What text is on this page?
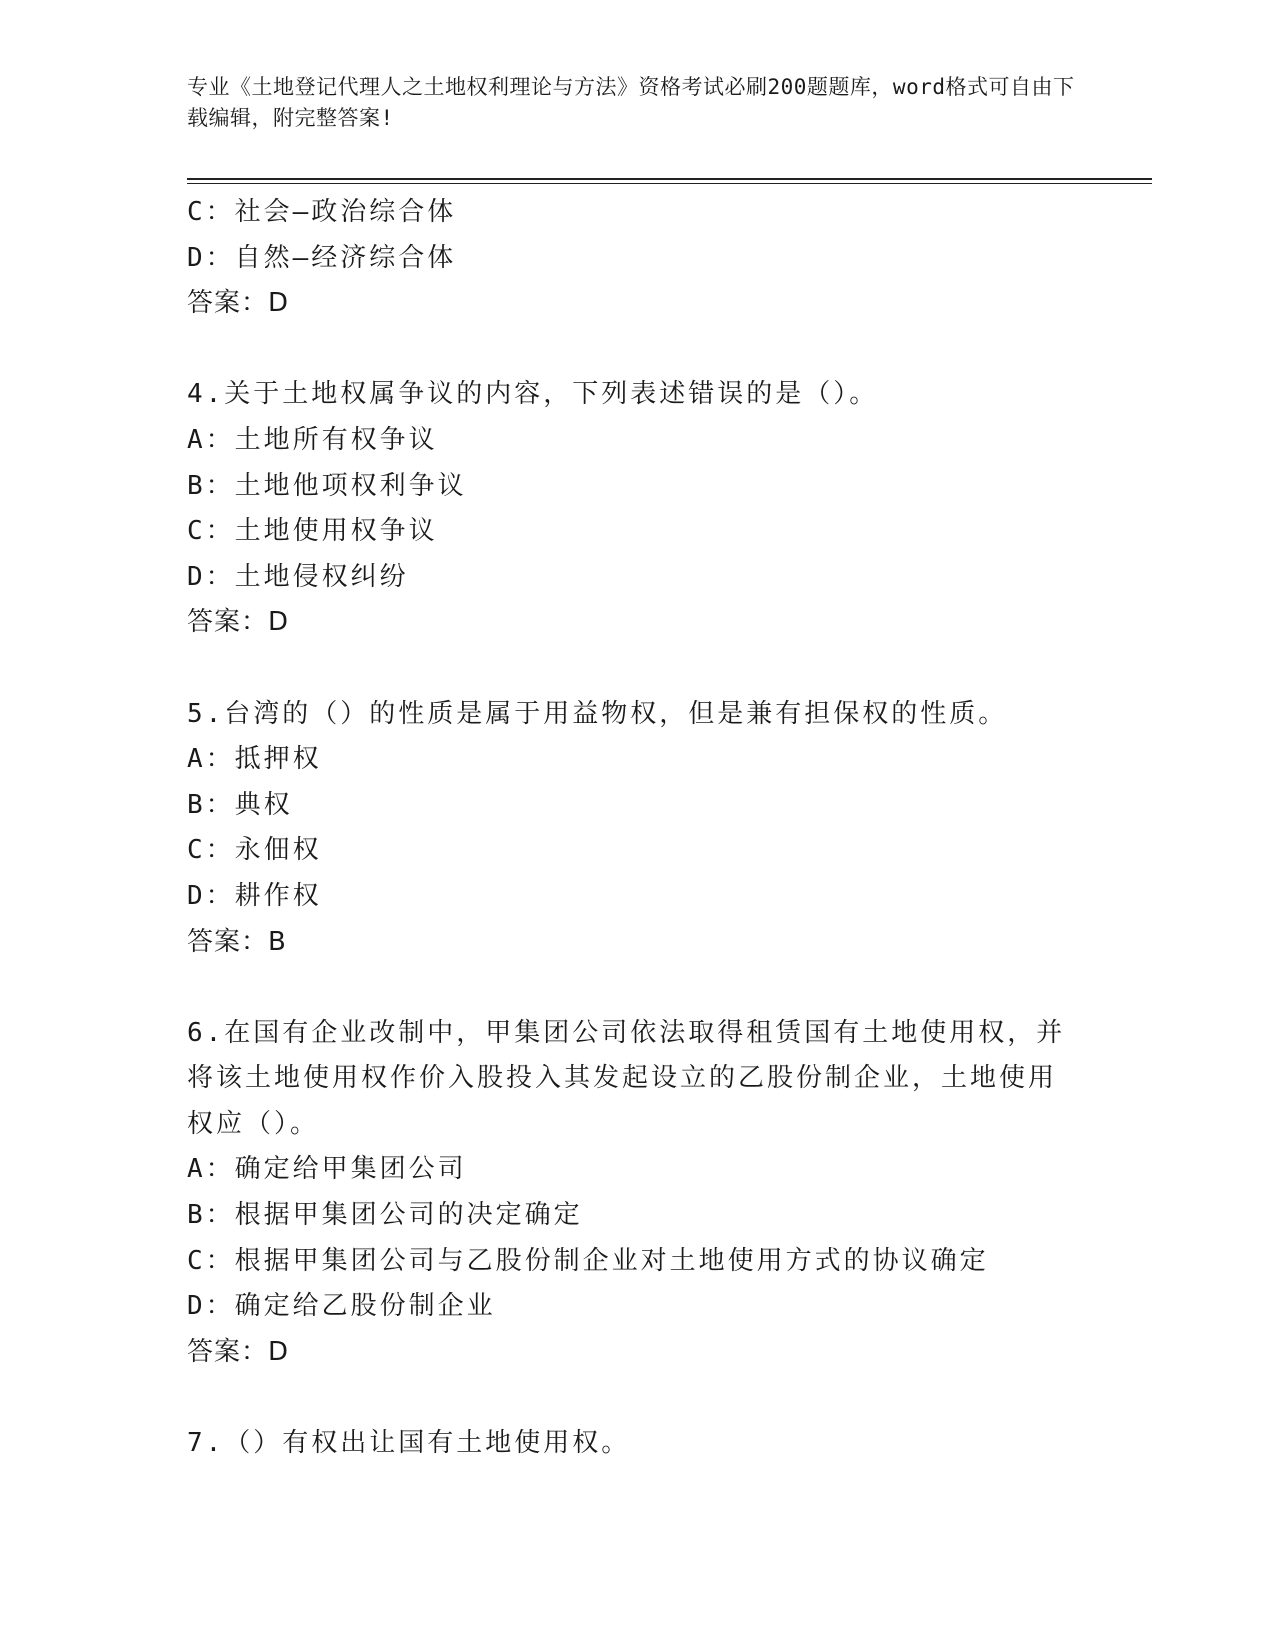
专业《土地登记代理人之土地权利理论与方法》资格考试必刷200题题库，word格式可自由下载编辑，附完整答案!
C：社会—政治综合体
D：自然—经济综合体
答案：D
4.关于土地权属争议的内容，下列表述错误的是（）。
A：土地所有权争议
B：土地他项权利争议
C：土地使用权争议
D：土地侵权纠纷
答案：D
5.台湾的（）的性质是属于用益物权，但是兼有担保权的性质。
A：抵押权
B：典权
C：永佃权
D：耕作权
答案：B
6.在国有企业改制中，甲集团公司依法取得租赁国有土地使用权，并将该土地使用权作价入股投入其发起设立的乙股份制企业，土地使用权应（）。
A：确定给甲集团公司
B：根据甲集团公司的决定确定
C：根据甲集团公司与乙股份制企业对土地使用方式的协议确定
D：确定给乙股份制企业
答案：D
7.（）有权出让国有土地使用权。
